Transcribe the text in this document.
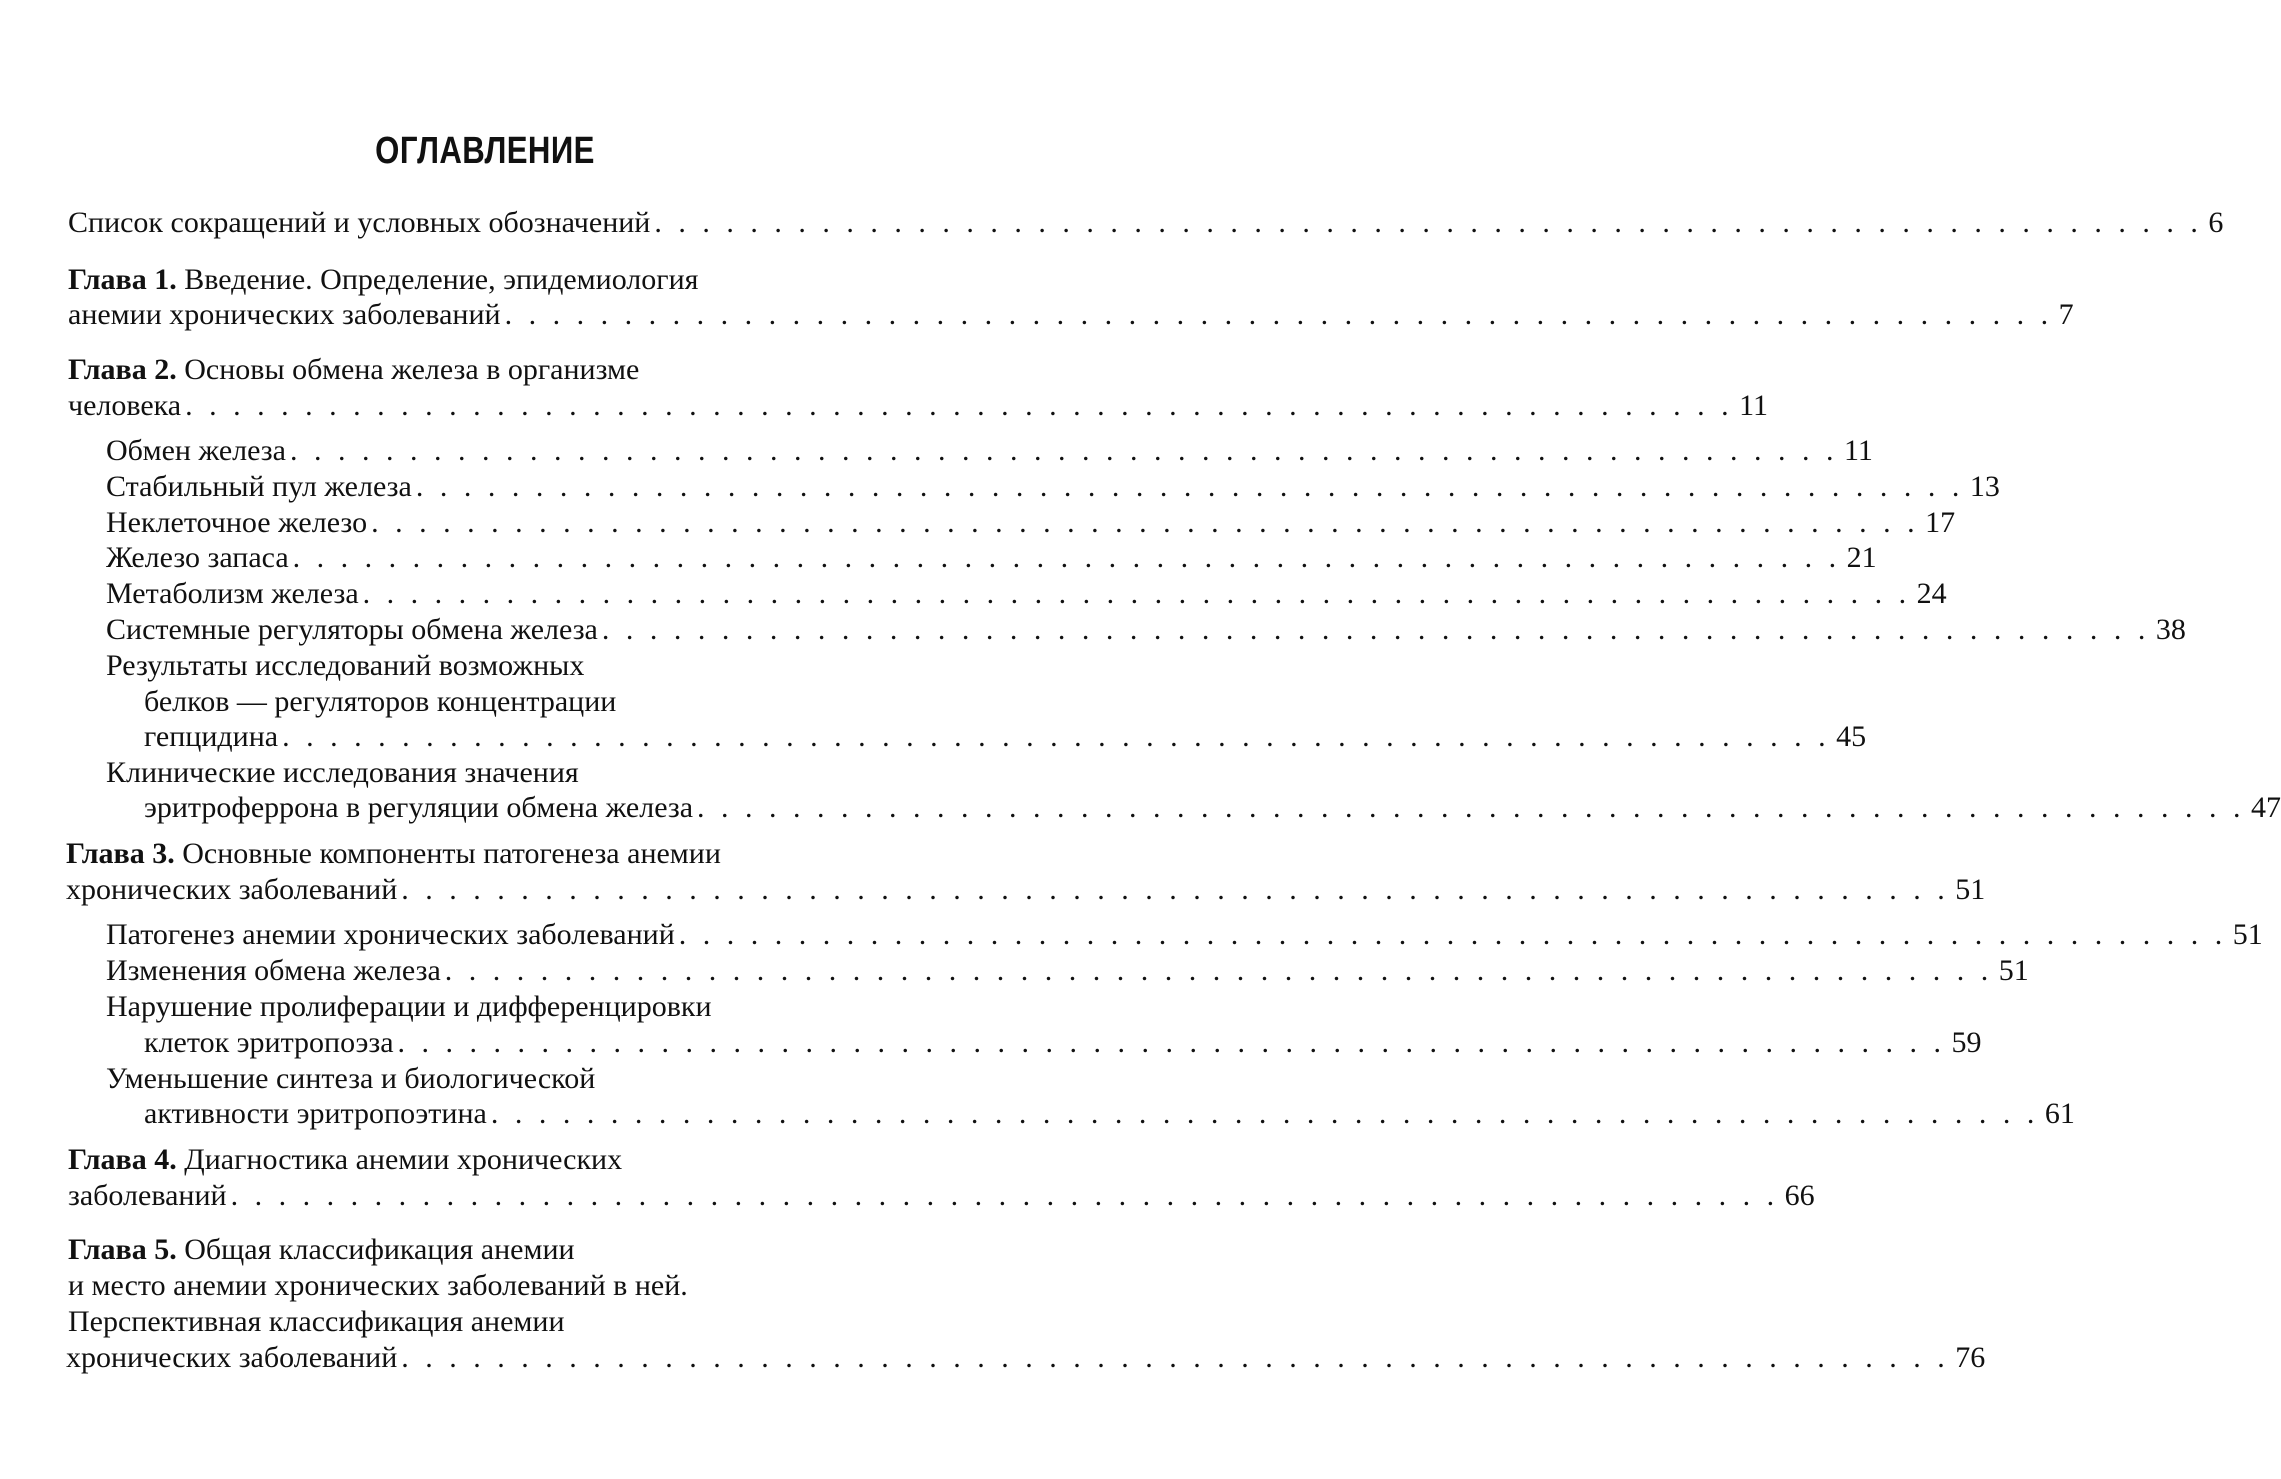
ОГЛАВЛЕНИЕ
Список сокращений и условных обозначений . . . . . . . . . . . . . . . . . . . . . . . . . . . . . . . . . . . . . . . . . . . . . . . . . . . . . . . . . . . . . . . . . 6
Глава 1. Введение. Определение, эпидемиология
анемии хронических заболеваний . . . . . . . . . . . . . . . . . . . . . . . . . . . . . . . . . . . . . . . . . . . . . . . . . . . . . . . . . . . . . . . . . 7
Глава 2. Основы обмена железа в организме
человека . . . . . . . . . . . . . . . . . . . . . . . . . . . . . . . . . . . . . . . . . . . . . . . . . . . . . . . . . . . . . . . . . 11
Обмен железа . . . . . . . . . . . . . . . . . . . . . . . . . . . . . . . . . . . . . . . . . . . . . . . . . . . . . . . . . . . . . . . . . 11
Стабильный пул железа . . . . . . . . . . . . . . . . . . . . . . . . . . . . . . . . . . . . . . . . . . . . . . . . . . . . . . . . . . . . . . . . . 13
Неклеточное железо . . . . . . . . . . . . . . . . . . . . . . . . . . . . . . . . . . . . . . . . . . . . . . . . . . . . . . . . . . . . . . . . . 17
Железо запаса . . . . . . . . . . . . . . . . . . . . . . . . . . . . . . . . . . . . . . . . . . . . . . . . . . . . . . . . . . . . . . . . . 21
Метаболизм железа . . . . . . . . . . . . . . . . . . . . . . . . . . . . . . . . . . . . . . . . . . . . . . . . . . . . . . . . . . . . . . . . . 24
Системные регуляторы обмена железа . . . . . . . . . . . . . . . . . . . . . . . . . . . . . . . . . . . . . . . . . . . . . . . . . . . . . . . . . . . . . . . . . 38
Результаты исследований возможных
белков — регуляторов концентрации
гепцидина . . . . . . . . . . . . . . . . . . . . . . . . . . . . . . . . . . . . . . . . . . . . . . . . . . . . . . . . . . . . . . . . . 45
Клинические исследования значения
эритроферрона в регуляции обмена железа . . . . . . . . . . . . . . . . . . . . . . . . . . . . . . . . . . . . . . . . . . . . . . . . . . . . . . . . . . . . . . . . . 47
Глава 3. Основные компоненты патогенеза анемии
хронических заболеваний . . . . . . . . . . . . . . . . . . . . . . . . . . . . . . . . . . . . . . . . . . . . . . . . . . . . . . . . . . . . . . . . . 51
Патогенез анемии хронических заболеваний . . . . . . . . . . . . . . . . . . . . . . . . . . . . . . . . . . . . . . . . . . . . . . . . . . . . . . . . . . . . . . . . . 51
Изменения обмена железа . . . . . . . . . . . . . . . . . . . . . . . . . . . . . . . . . . . . . . . . . . . . . . . . . . . . . . . . . . . . . . . . . 51
Нарушение пролиферации и дифференцировки
клеток эритропоэза . . . . . . . . . . . . . . . . . . . . . . . . . . . . . . . . . . . . . . . . . . . . . . . . . . . . . . . . . . . . . . . . . 59
Уменьшение синтеза и биологической
активности эритропоэтина . . . . . . . . . . . . . . . . . . . . . . . . . . . . . . . . . . . . . . . . . . . . . . . . . . . . . . . . . . . . . . . . . 61
Глава 4. Диагностика анемии хронических
заболеваний . . . . . . . . . . . . . . . . . . . . . . . . . . . . . . . . . . . . . . . . . . . . . . . . . . . . . . . . . . . . . . . . . 66
Глава 5. Общая классификация анемии
и место анемии хронических заболеваний в ней.
Перспективная классификация анемии
хронических заболеваний . . . . . . . . . . . . . . . . . . . . . . . . . . . . . . . . . . . . . . . . . . . . . . . . . . . . . . . . . . . . . . . . . 76
